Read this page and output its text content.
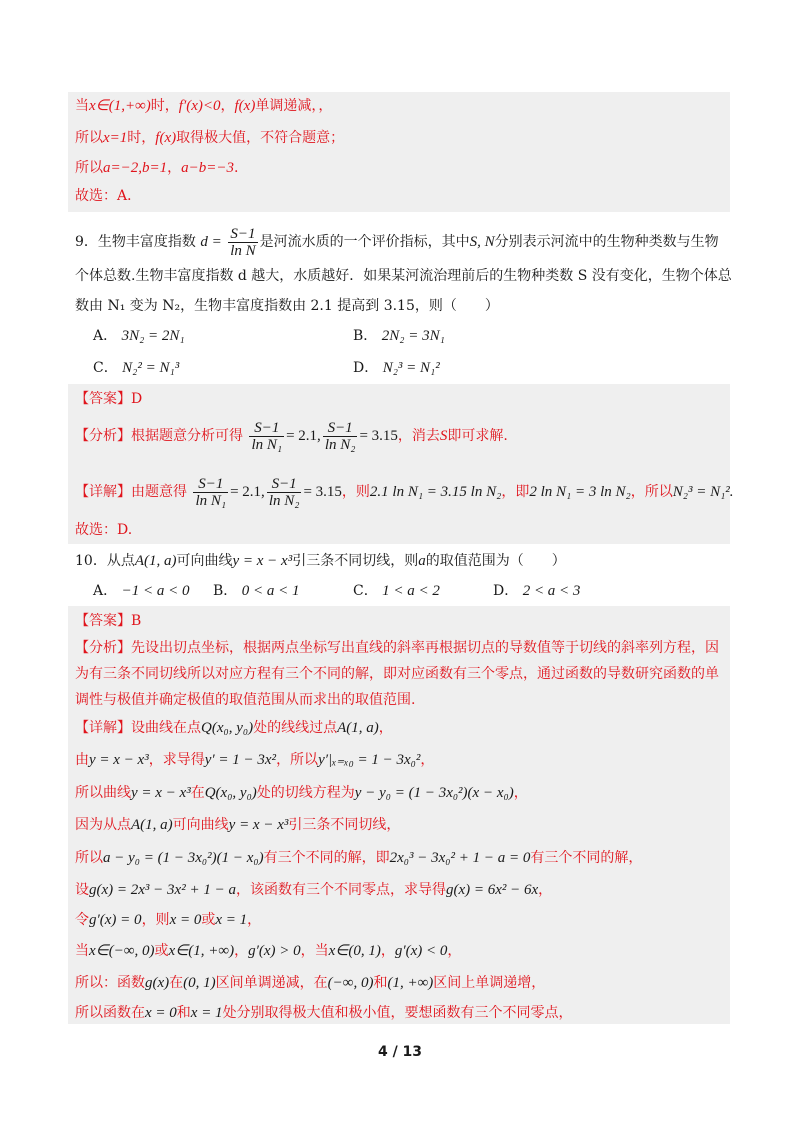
当x∈(1,+∞)时，f′(x)<0，f(x)单调递减，，
所以x=1时，f(x)取得极大值，不符合题意；
所以a=−2,b=1，a−b=−3.
故选：A．
9．生物丰富度指数 $d = \frac{S-1}{\text{ln N}}$ 是河流水质的一个评价指标，其中S, N分别表示河流中的生物种类数与生物
个体总数.生物丰富度指数 d 越大，水质越好．如果某河流治理前后的生物种类数 S 没有变化，生物个体总
数由 N₁ 变为 N₂，生物丰富度指数由 2.1 提高到 3.15，则（　　）
A． 3N₂ = 2N₁	B． 2N₂ = 3N₁
C． N₂² = N₁³	D． N₂³ = N₁²
【答案】D
【分析】根据题意分析可得 $\frac{S-1}{\text{ln N₁}} = 2.1$, $\frac{S-1}{\text{ln N₂}} = 3.15$，消去S即可求解.
【详解】由题意得 $\frac{S-1}{\text{ln N₁}} = 2.1$, $\frac{S-1}{\text{ln N₂}} = 3.15$，则2.1 ln N₁ = 3.15 ln N₂，即2 ln N₁ = 3 ln N₂，所以N₂³ = N₁².
故选：D.
10．从点A(1, a)可向曲线y = x − x³引三条不同切线，则a的取值范围为（　　）
A． −1 < a < 0 B． 0 < a < 1	C． 1 < a < 2	D． 2 < a < 3
【答案】B
【分析】先设出切点坐标，根据两点坐标写出直线的斜率再根据切点的导数值等于切线的斜率列方程，因
为有三条不同切线所以对应方程有三个不同的解，即对应函数有三个零点，通过函数的导数研究函数的单
调性与极值并确定极值的取值范围从而求出的取值范围.
【详解】设曲线在点Q(x₀, y₀)处的线线过点A(1, a)，
由y = x − x³，求导得y′ = 1 − 3x²，所以y′|ₓ₌ₓ₀ = 1 − 3x₀²，
所以曲线y = x − x³在Q(x₀, y₀)处的切线方程为y − y₀ = (1 − 3x₀²)(x − x₀)，
因为从点A(1, a)可向曲线y = x − x³引三条不同切线，
所以a − y₀ = (1 − 3x₀²)(1 − x₀)有三个不同的解，即2x₀³ − 3x₀² + 1 − a = 0有三个不同的解，
设g(x) = 2x³ − 3x² + 1 − a，该函数有三个不同零点，求导得g(x) = 6x² − 6x，
令g′(x) = 0，则x = 0或x = 1，
当x∈(−∞, 0)或x∈(1, +∞)，g′(x) > 0，当x∈(0, 1)，g′(x) < 0，
所以：函数g(x)在(0, 1)区间单调递减，在(−∞, 0)和(1, +∞)区间上单调递增，
所以函数在x = 0和x = 1处分别取得极大值和极小值，要想函数有三个不同零点，
4 / 13
